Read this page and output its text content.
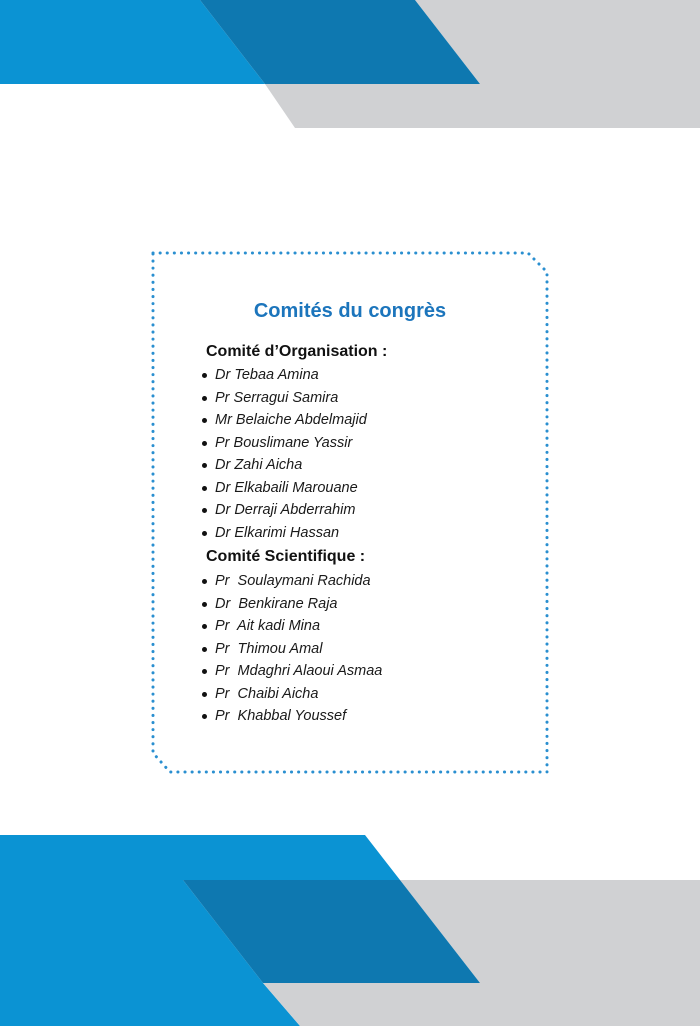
Comités du congrès
Comité d’Organisation :
Dr Tebaa Amina
Pr Serragui Samira
Mr Belaiche Abdelmajid
Pr Bouslimane Yassir
Dr Zahi Aicha
Dr Elkabaili Marouane
Dr Derraji Abderrahim
Dr Elkarimi Hassan
Comité Scientifique :
Pr  Soulaymani Rachida
Dr  Benkirane Raja
Pr  Ait kadi Mina
Pr  Thimou Amal
Pr  Mdaghri Alaoui Asmaa
Pr  Chaibi Aicha
Pr  Khabbal Youssef
